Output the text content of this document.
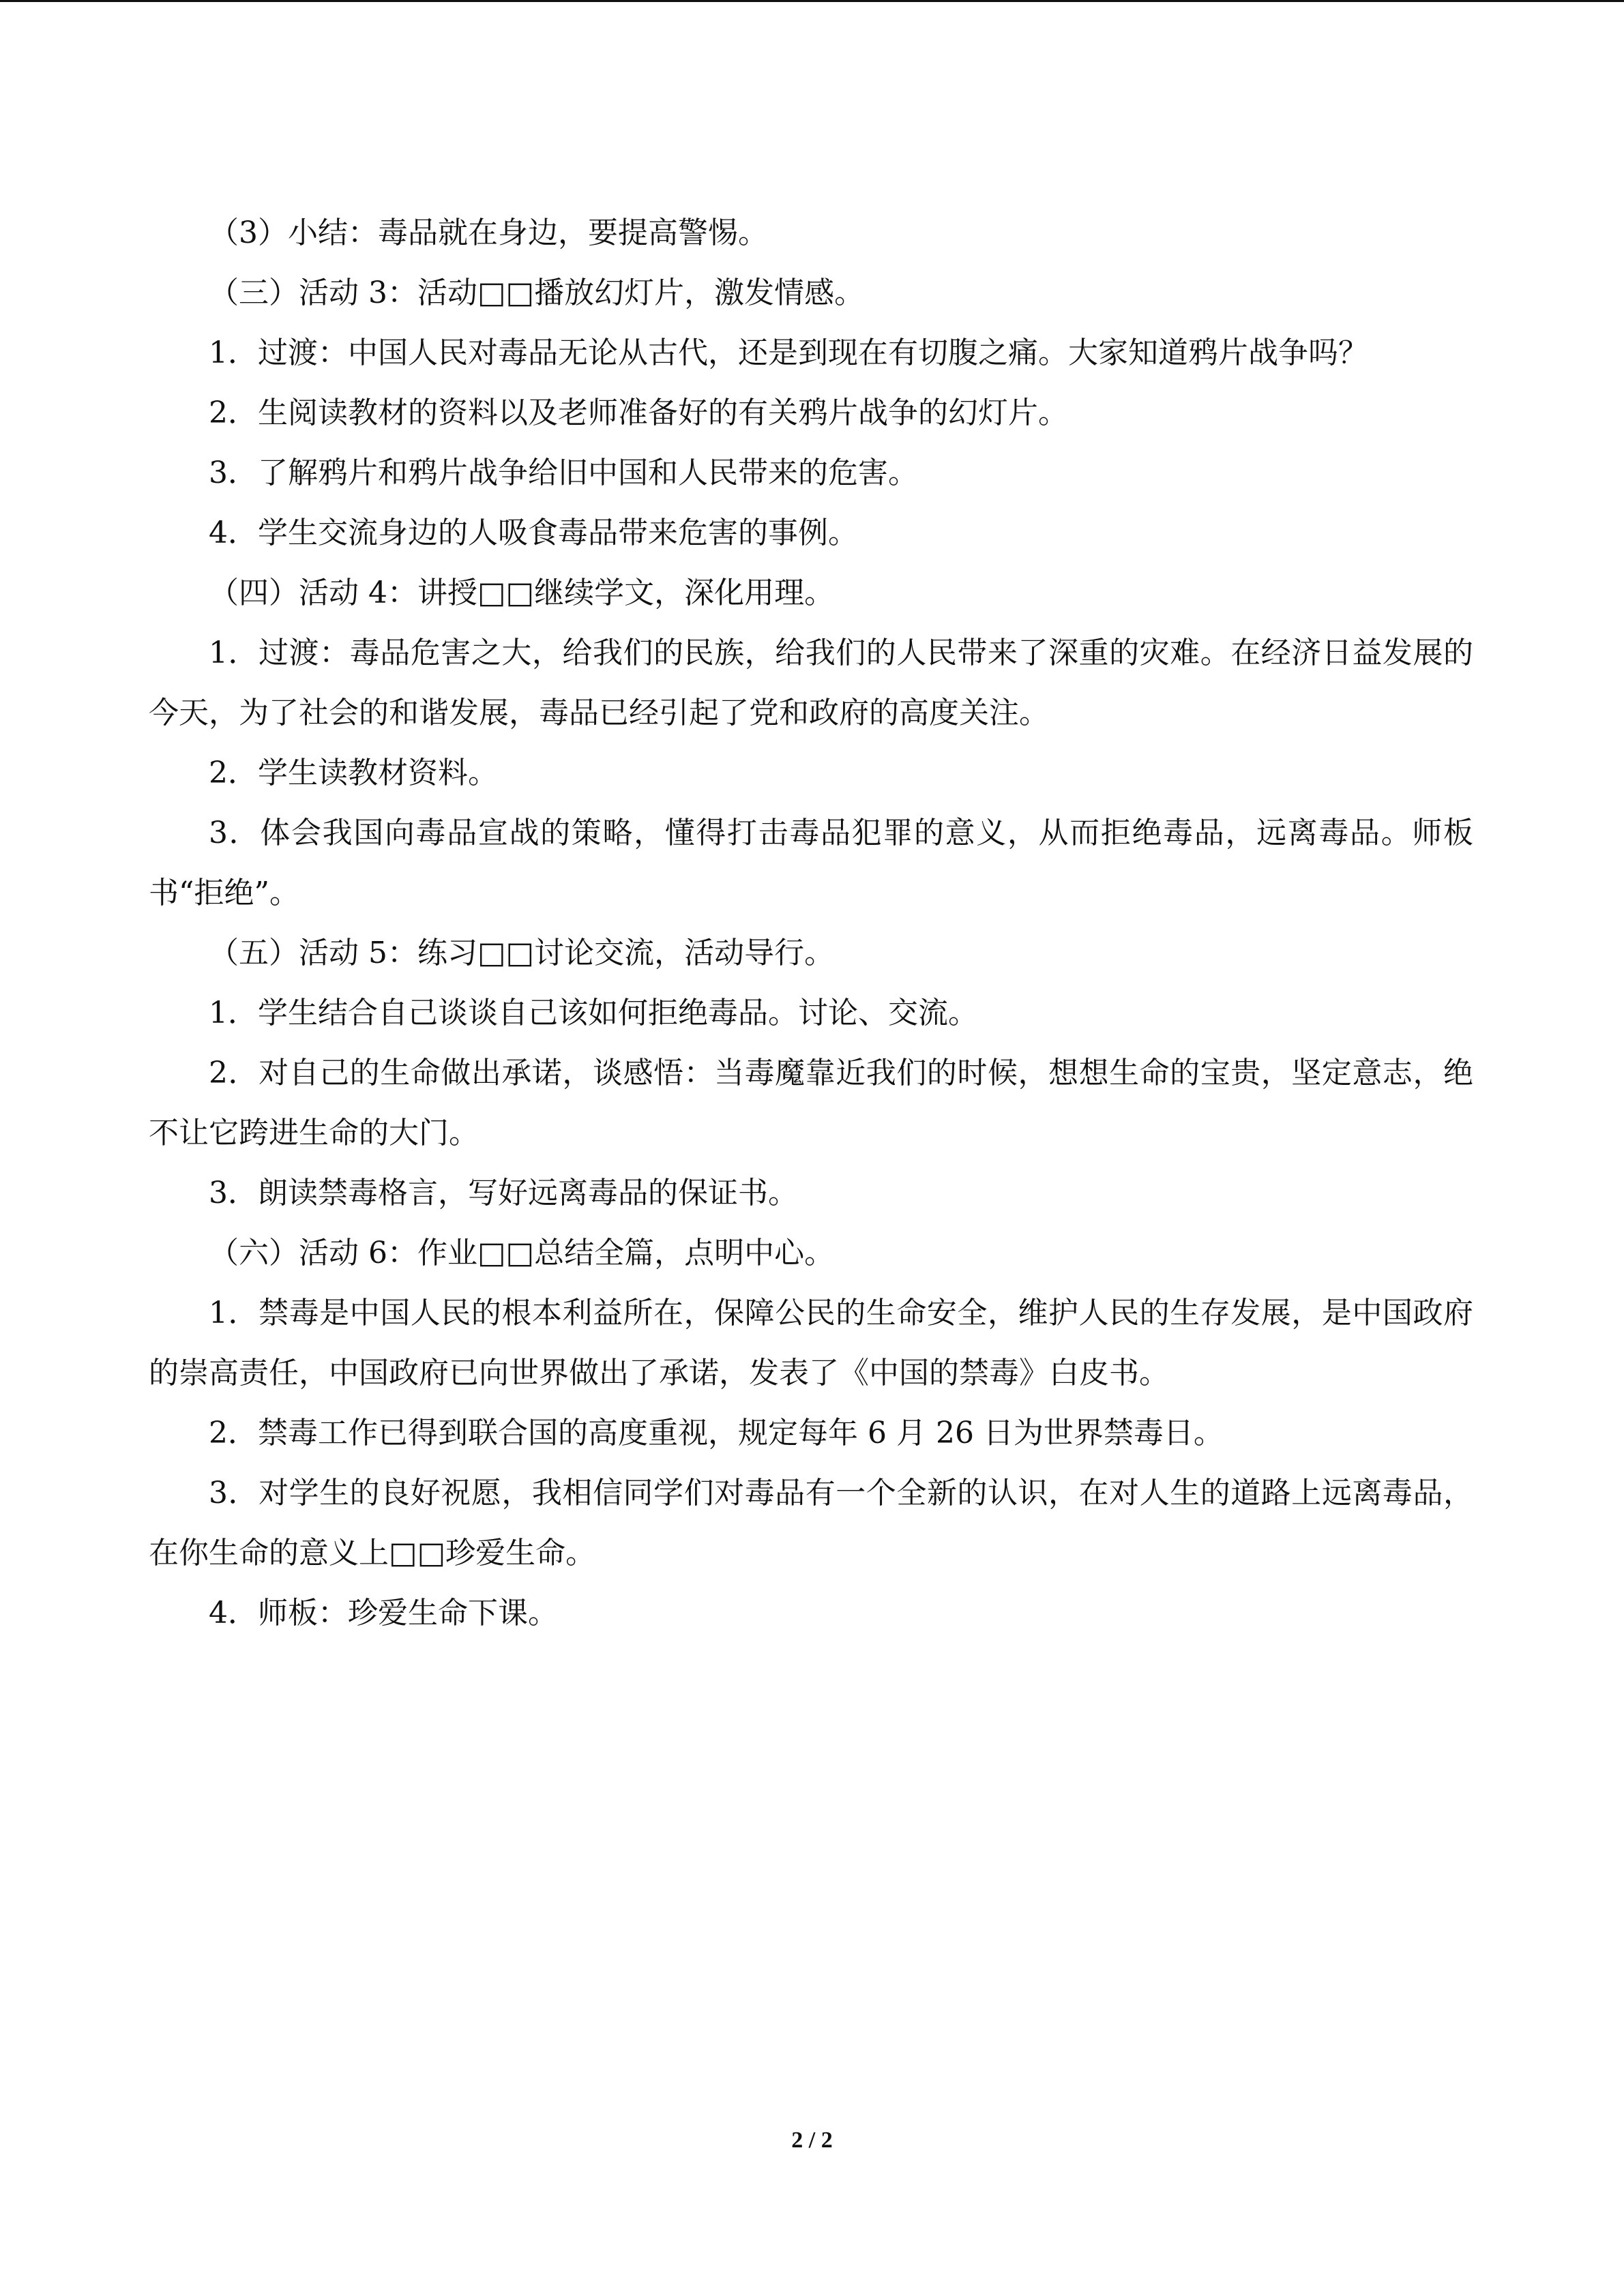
（3）小结：毒品就在身边，要提高警惕。

（三）活动 3：活动□□播放幻灯片，激发情感。

1．过渡：中国人民对毒品无论从古代，还是到现在有切腹之痛。大家知道鸦片战争吗？

2．生阅读教材的资料以及老师准备好的有关鸦片战争的幻灯片。

3．了解鸦片和鸦片战争给旧中国和人民带来的危害。

4．学生交流身边的人吸食毒品带来危害的事例。

（四）活动 4：讲授□□继续学文，深化用理。

1．过渡：毒品危害之大，给我们的民族，给我们的人民带来了深重的灾难。在经济日益发展的今天，为了社会的和谐发展，毒品已经引起了党和政府的高度关注。

2．学生读教材资料。

3．体会我国向毒品宣战的策略，懂得打击毒品犯罪的意义，从而拒绝毒品，远离毒品。师板书“拒绝”。

（五）活动 5：练习□□讨论交流，活动导行。

1．学生结合自己谈谈自己该如何拒绝毒品。讨论、交流。

2．对自己的生命做出承诺，谈感悟：当毒魔靠近我们的时候，想想生命的宝贵，坚定意志，绝不让它跨进生命的大门。

3．朗读禁毒格言，写好远离毒品的保证书。

（六）活动 6：作业□□总结全篇，点明中心。

1．禁毒是中国人民的根本利益所在，保障公民的生命安全，维护人民的生存发展，是中国政府的崇高责任，中国政府已向世界做出了承诺，发表了《中国的禁毒》白皮书。

2．禁毒工作已得到联合国的高度重视，规定每年 6 月 26 日为世界禁毒日。

3．对学生的良好祝愿，我相信同学们对毒品有一个全新的认识，在对人生的道路上远离毒品，在你生命的意义上□□珍爱生命。

4．师板：珍爱生命下课。

2 / 2
